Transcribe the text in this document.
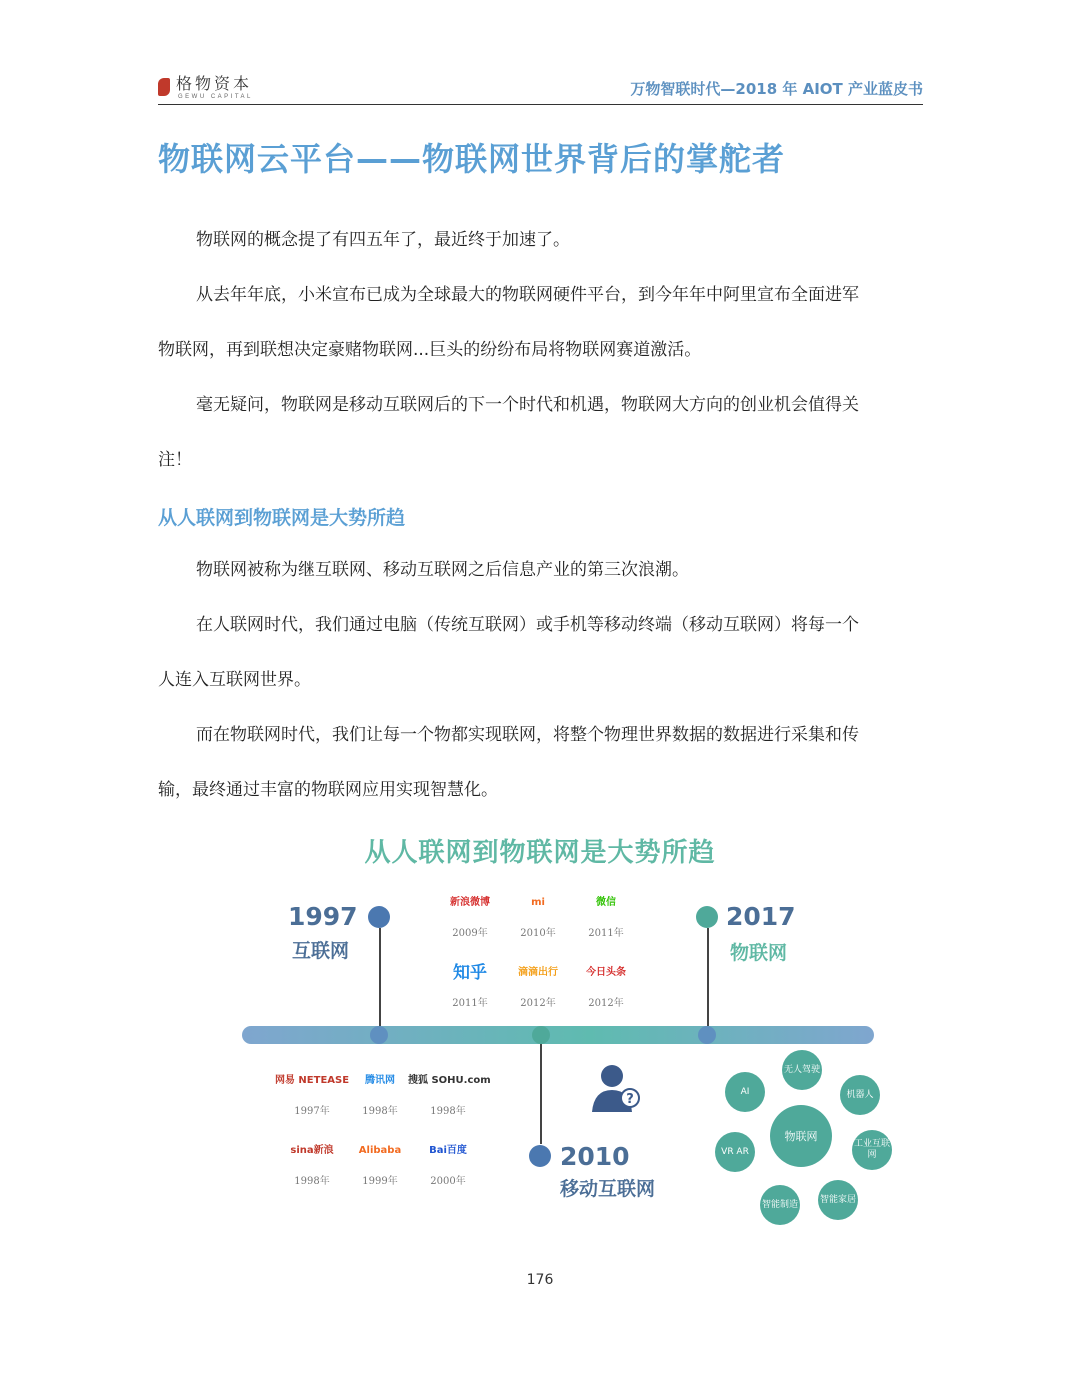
格物资本
GEWU CAPITAL	万物智联时代—2018 年 AIOT 产业蓝皮书
物联网云平台——物联网世界背后的掌舵者

物联网的概念提了有四五年了，最近终于加速了。

从去年年底，小米宣布已成为全球最大的物联网硬件平台，到今年年中阿里宣布全面进军

物联网，再到联想决定豪赌物联网...巨头的纷纷布局将物联网赛道激活。

毫无疑问，物联网是移动互联网后的下一个时代和机遇，物联网大方向的创业机会值得关

注！

从人联网到物联网是大势所趋

物联网被称为继互联网、移动互联网之后信息产业的第三次浪潮。

在人联网时代，我们通过电脑（传统互联网）或手机等移动终端（移动互联网）将每一个

人连入互联网世界。

而在物联网时代，我们让每一个物都实现联网，将整个物理世界数据的数据进行采集和传

输，最终通过丰富的物联网应用实现智慧化。

从人联网到物联网是大势所趋
1997
互联网
2017
物联网
2010
移动互联网
?
新浪微博
2009年
mi
2010年
微信
2011年
知乎
2011年
滴滴出行
2012年
今日头条
2012年
网易 NETEASE
1997年
腾讯网
1998年
搜狐 SOHU.com
1998年
sina新浪
1998年
Alibaba
1999年
Bai百度
2000年
物联网
无人驾驶
机器人
工业互联网
智能家居
智能制造
VR AR
AI
176
